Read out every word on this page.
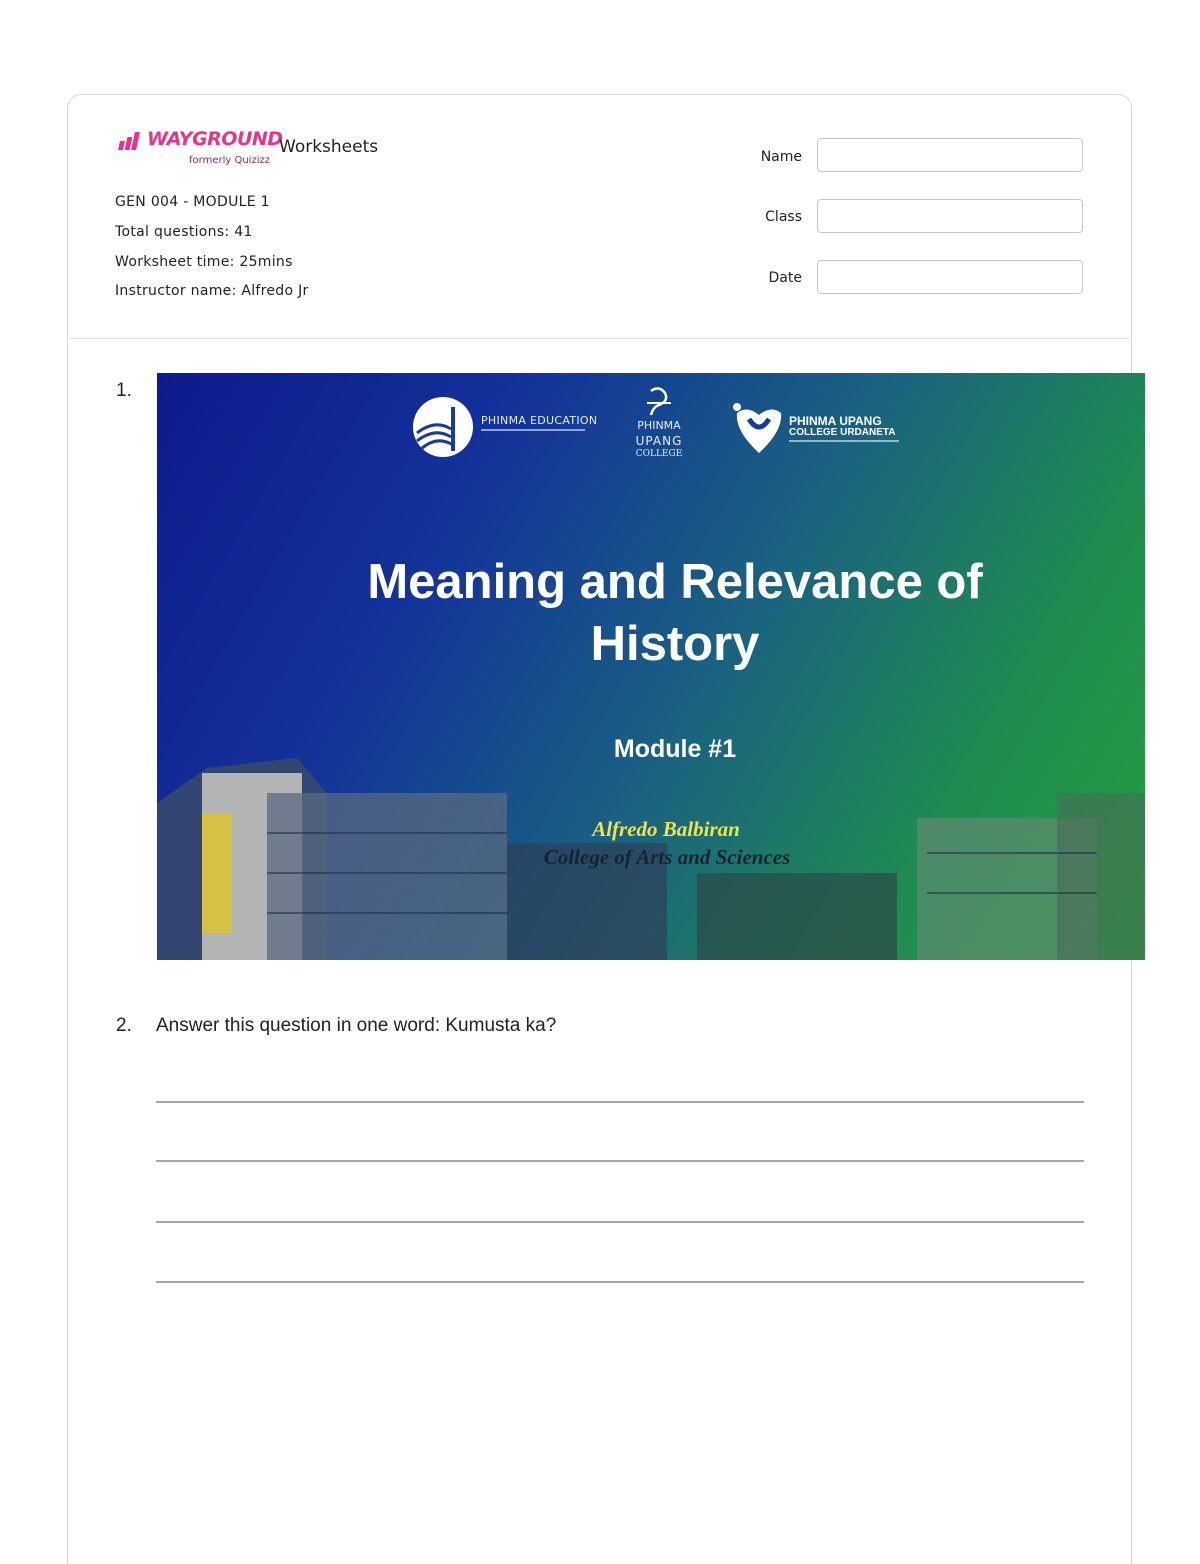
WAYGROUND
formerly Quizizz
Worksheets
GEN 004 - MODULE 1
Total questions: 41
Worksheet time: 25mins
Instructor name: Alfredo Jr
Name
Class
Date
1.
PHINMA EDUCATION	PHINMA
UPANG
COLLEGE
PHINMA UPANG
COLLEGE URDANETA
Meaning and Relevance of
History
Module #1
Alfredo Balbiran
College of Arts and Sciences
2. Answer this question in one word: Kumusta ka?
